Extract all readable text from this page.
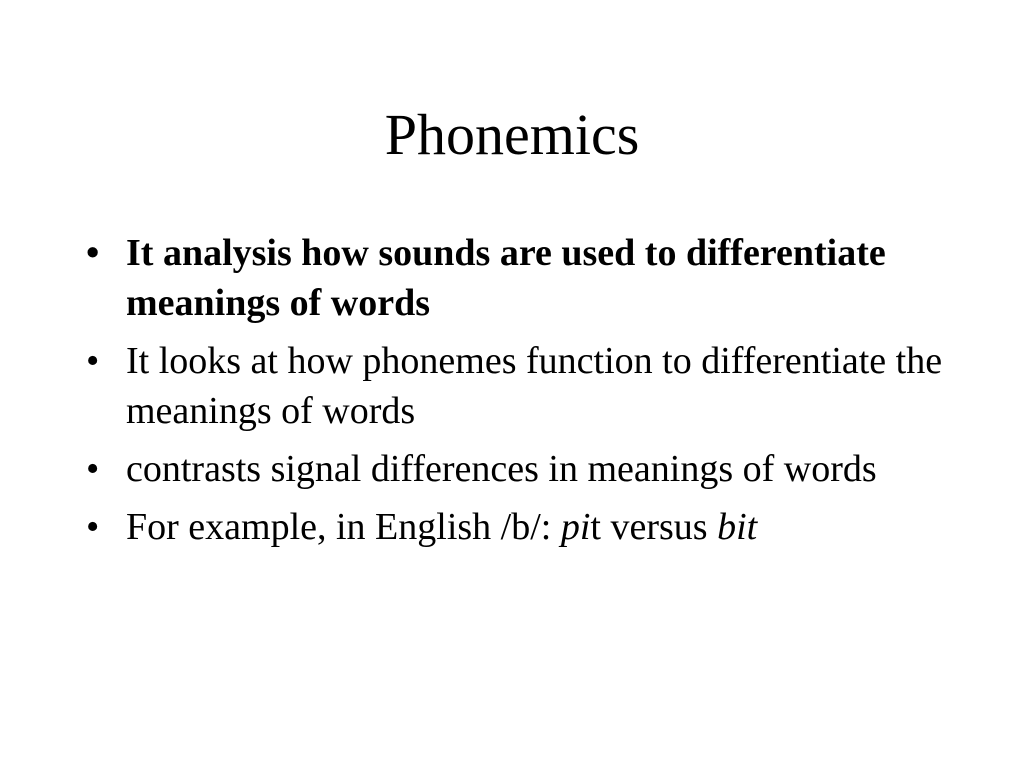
Phonemics
• It analysis how sounds are used to differentiate meanings of words
• It looks at how phonemes function to differentiate the meanings of words
• contrasts signal differences in meanings of words
• For example, in English /b/: pit versus bit
